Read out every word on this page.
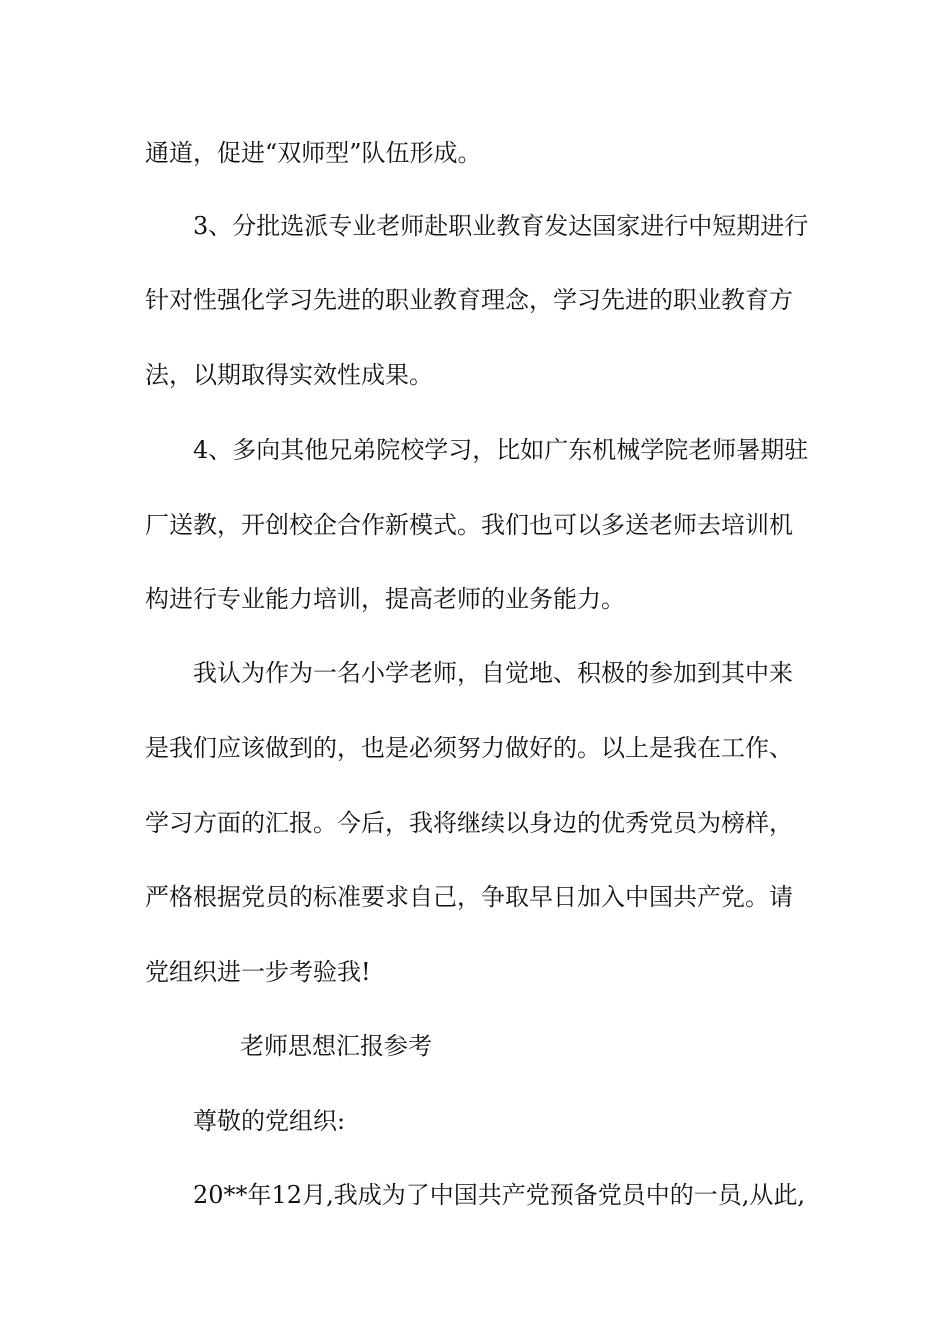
通道，促进“双师型”队伍形成。
3、分批选派专业老师赴职业教育发达国家进行中短期进行
针对性强化学习先进的职业教育理念，学习先进的职业教育方
法，以期取得实效性成果。
4、多向其他兄弟院校学习，比如广东机械学院老师暑期驻
厂送教，开创校企合作新模式。我们也可以多送老师去培训机
构进行专业能力培训，提高老师的业务能力。
我认为作为一名小学老师，自觉地、积极的参加到其中来
是我们应该做到的，也是必须努力做好的。以上是我在工作、
学习方面的汇报。今后，我将继续以身边的优秀党员为榜样，
严格根据党员的标准要求自己，争取早日加入中国共产党。请
党组织进一步考验我!
老师思想汇报参考
尊敬的党组织:
20**年12月,我成为了中国共产党预备党员中的一员,从此,
